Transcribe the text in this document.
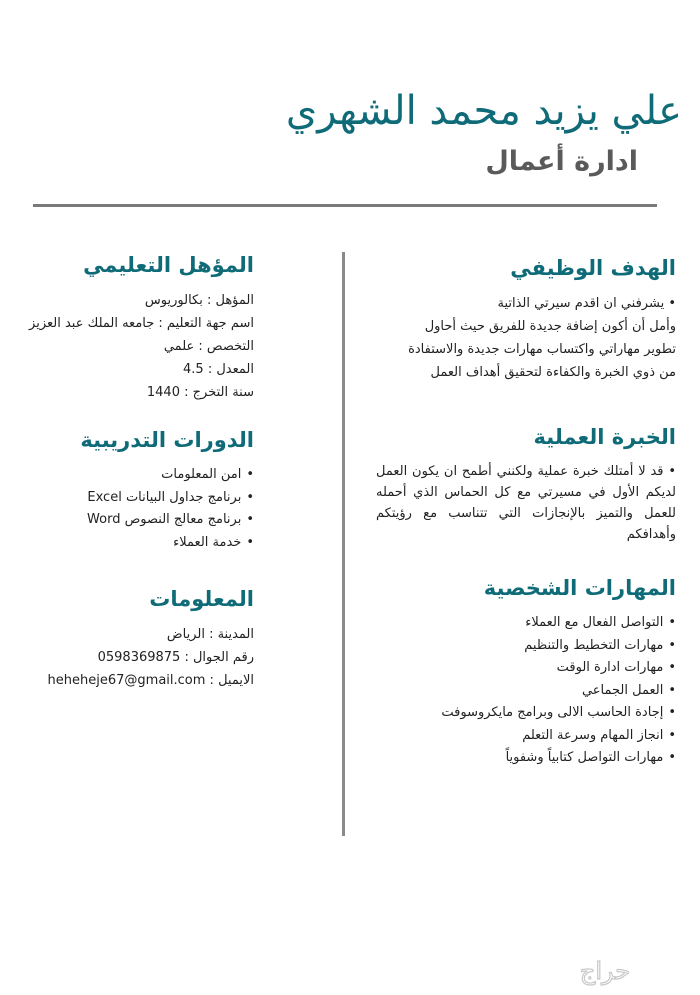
علي يزيد محمد الشهري
ادارة أعمال
الهدف الوظيفي
• يشرفني ان اقدم سيرتي الذاتية
وأمل أن أكون إضافة جديدة للفريق حيث أحاول
تطوير مهاراتي واكتساب مهارات جديدة والاستفادة
من ذوي الخبرة والكفاءة لتحقيق أهداف العمل
الخبرة العملية
• قد لا أمتلك خبرة عملية ولكنني أطمح ان يكون العمل لديكم الأول في مسيرتي مع كل الحماس الذي أحمله للعمل والتميز بالإنجازات التي تتناسب مع رؤيتكم وأهدافكم
المهارات الشخصية
• التواصل الفعال مع العملاء
• مهارات التخطيط والتنظيم
• مهارات ادارة الوقت
• العمل الجماعي
• إجادة الحاسب الالى وبرامج مايكروسوفت
• انجاز المهام وسرعة التعلم
• مهارات التواصل كتابياً وشفوياً
المؤهل التعليمي
المؤهل : بكالوريوس
اسم جهة التعليم : جامعه الملك عبد العزيز
التخصص : علمي
المعدل : 4.5
سنة التخرج : 1440
الدورات التدريبية
• امن المعلومات
• برنامج جداول البيانات Excel
• برنامج معالج النصوص Word
• خدمة العملاء
المعلومات
المدينة : الرياض
رقم الجوال : 0598369875
الايميل : heheheje67@gmail.com
حراج
